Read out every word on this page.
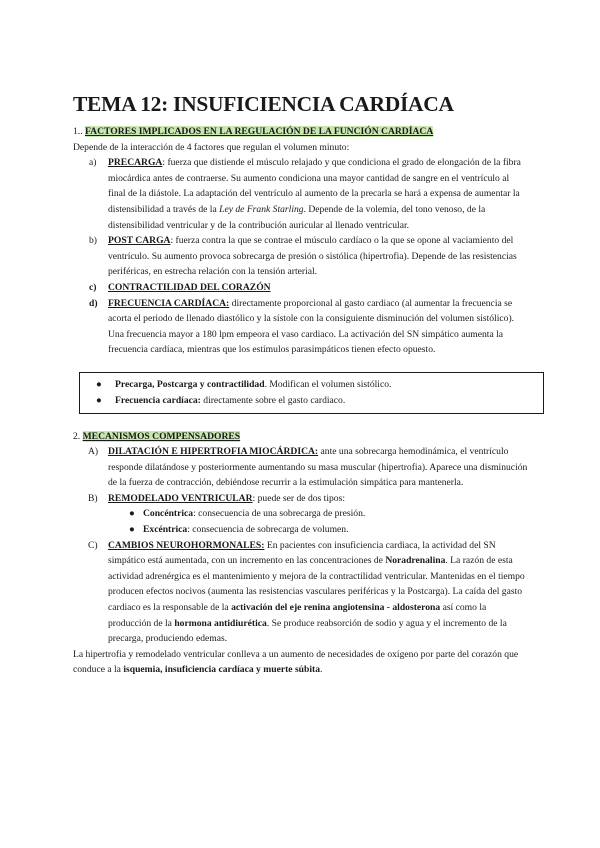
TEMA 12: INSUFICIENCIA CARDÍACA
1.. FACTORES IMPLICADOS EN LA REGULACIÓN DE LA FUNCIÓN CARDÍACA
Depende de la interacción de 4 factores que regulan el volumen minuto:
a) PRECARGA: fuerza que distiende el músculo relajado y que condiciona el grado de elongación de la fibra miocárdica antes de contraerse. Su aumento condiciona una mayor cantidad de sangre en el ventrículo al final de la diástole. La adaptación del ventrículo al aumento de la precarla se hará a expensa de aumentar la distensibilidad a través de la Ley de Frank Starling. Depende de la volemia, del tono venoso, de la distensibilidad ventricular y de la contribución auricular al llenado ventricular.
b) POST CARGA: fuerza contra la que se contrae el músculo cardíaco o la que se opone al vaciamiento del ventrículo. Su aumento provoca sobrecarga de presión o sistólica (hipertrofia). Depende de las resistencias periféricas, en estrecha relación con la tensión arterial.
c) CONTRACTILIDAD DEL CORAZÓN
d) FRECUENCIA CARDÍACA: directamente proporcional al gasto cardiaco (al aumentar la frecuencia se acorta el periodo de llenado diastólico y la sístole con la consiguiente disminución del volumen sistólico). Una frecuencia mayor a 180 lpm empeora el vaso cardiaco. La activación del SN simpático aumenta la frecuencia cardíaca, mientras que los estímulos parasimpáticos tienen efecto opuesto.
● Precarga, Postcarga y contractilidad. Modifican el volumen sistólico.
● Frecuencia cardíaca: directamente sobre el gasto cardiaco.
2. MECANISMOS COMPENSADORES
A) DILATACIÓN E HIPERTROFIA MIOCÁRDICA: ante una sobrecarga hemodinámica, el ventrículo responde dilatándose y posteriormente aumentando su masa muscular (hipertrofia). Aparece una disminución de la fuerza de contracción, debiéndose recurrir a la estimulación simpática para mantenerla.
B) REMODELADO VENTRICULAR: puede ser de dos tipos:
● Concéntrica: consecuencia de una sobrecarga de presión.
● Excéntrica: consecuencia de sobrecarga de volumen.
C) CAMBIOS NEUROHORMONALES: En pacientes con insuficiencia cardiaca, la actividad del SN simpático está aumentada, con un incremento en las concentraciones de Noradrenalina. La razón de esta actividad adrenérgica es el mantenimiento y mejora de la contractilidad ventricular. Mantenidas en el tiempo producen efectos nocivos (aumenta las resistencias vasculares periféricas y la Postcarga). La caída del gasto cardiaco es la responsable de la activación del eje renina angiotensina - aldosterona así como la producción de la hormona antidiurética. Se produce reabsorción de sodio y agua y el incremento de la precarga, produciendo edemas.
La hipertrofia y remodelado ventricular conlleva a un aumento de necesidades de oxígeno por parte del corazón que conduce a la isquemia, insuficiencia cardíaca y muerte súbita.
